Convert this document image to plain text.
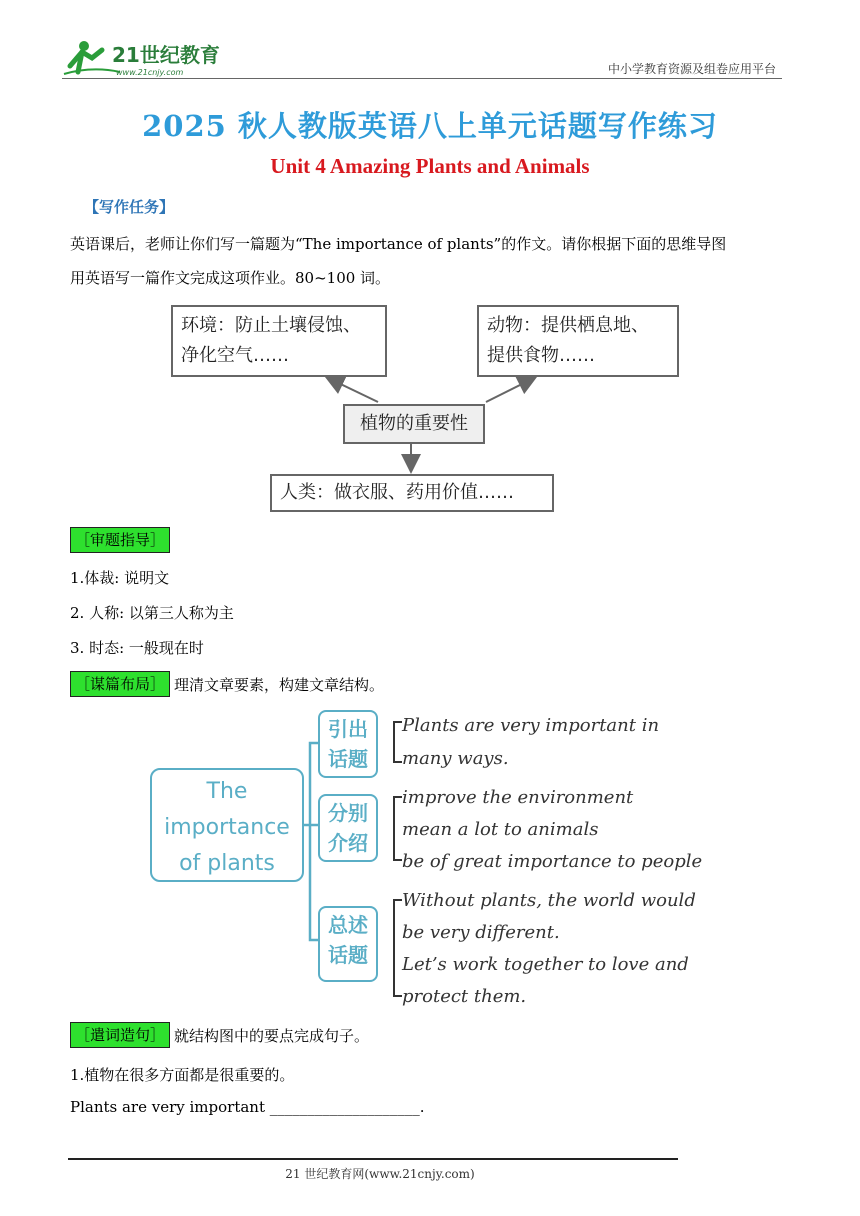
21世纪教育
www.21cnjy.com	中小学教育资源及组卷应用平台
2025 秋人教版英语八上单元话题写作练习
Unit 4 Amazing Plants and Animals
【写作任务】
英语课后，老师让你们写一篇题为“The importance of plants”的作文。请你根据下面的思维导图
用英语写一篇作文完成这项作业。80~100 词。
环境：防止土壤侵蚀、
净化空气……
动物：提供栖息地、
提供食物……
植物的重要性
人类：做衣服、药用价值……
［审题指导］
1.体裁: 说明文
2. 人称: 以第三人称为主
3. 时态: 一般现在时
［谋篇布局］ 理清文章要素，构建文章结构。
The
importance
of plants
引出
话题
Plants are very important in
many ways.
分别
介绍
improve the environment
mean a lot to animals
be of great importance to people
总述
话题
Without plants, the world would
be very different.
Let’s work together to love and
protect them.
［遣词造句］ 就结构图中的要点完成句子。
1.植物在很多方面都是很重要的。
Plants are very important ____________________.
21 世纪教育网(www.21cnjy.com)
